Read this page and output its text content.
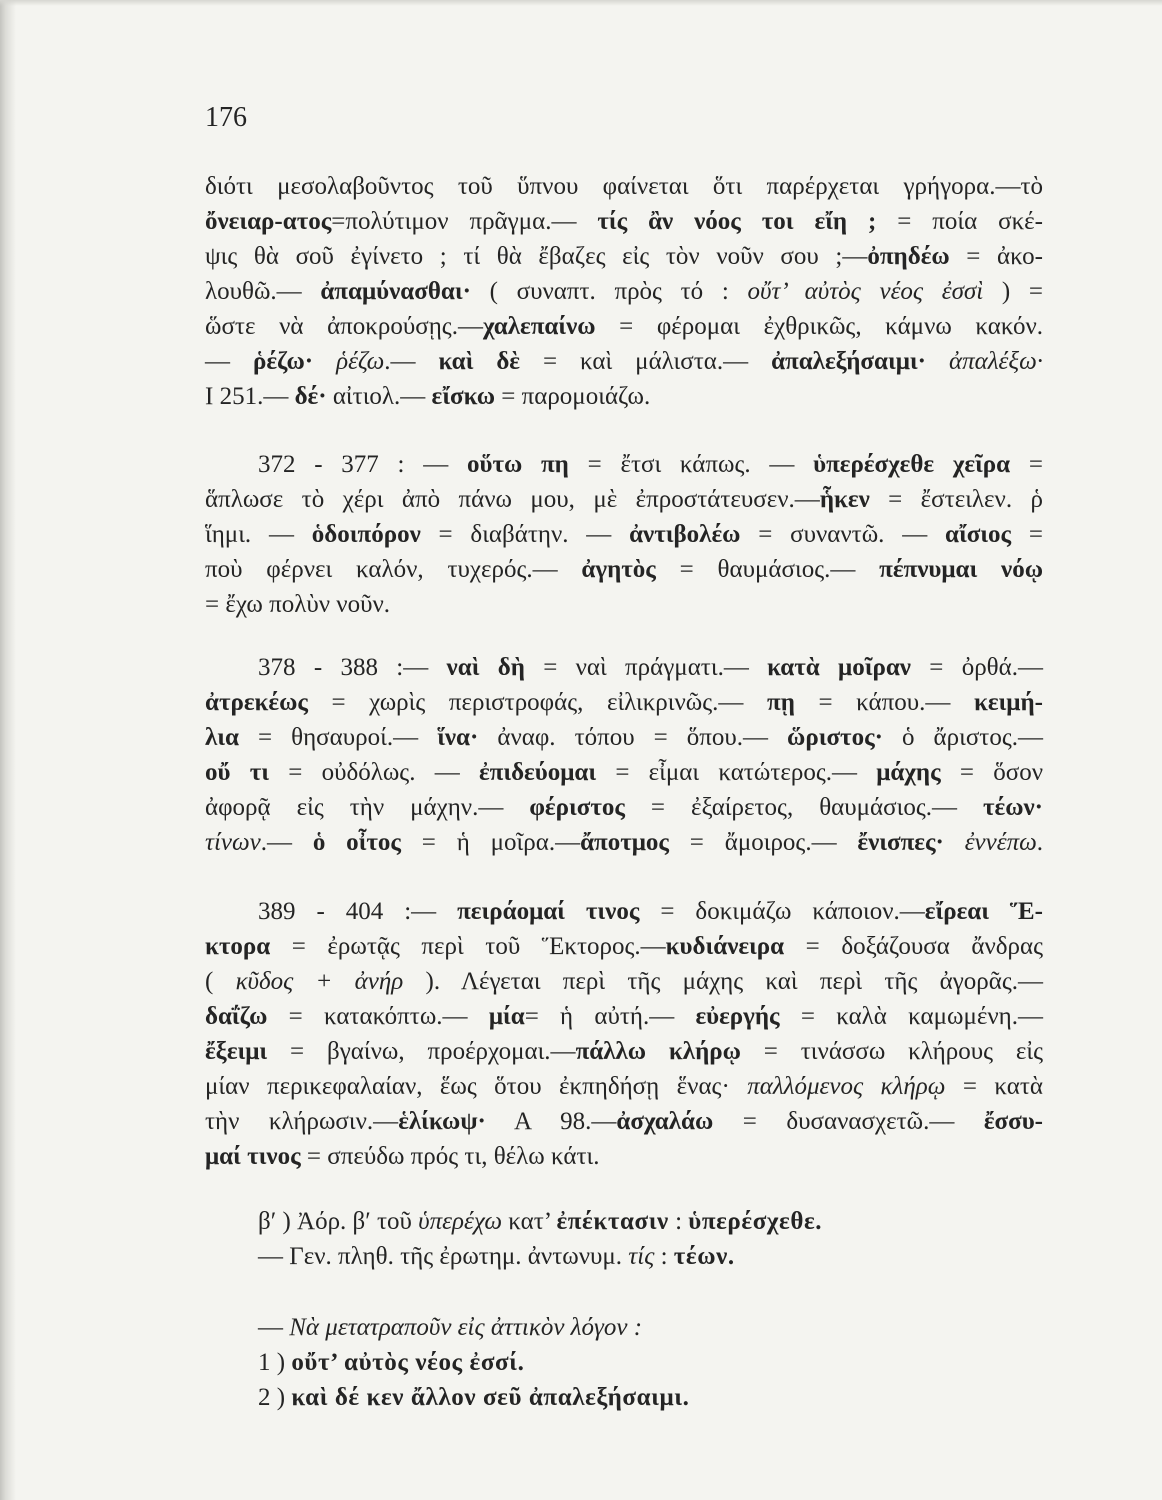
176
διότι μεσολαβοῦντος τοῦ ὕπνου φαίνεται ὅτι παρέρχεται γρήγορα.—τὸ
ὄνειαρ-ατος=πολύτιμον πρᾶγμα.— τίς ἂν νόος τοι εἴη ; = ποία σκέ-
ψις θὰ σοῦ ἐγίνετο ; τί θὰ ἔβαζες εἰς τὸν νοῦν σου ;—ὀπηδέω = ἀκο-
λουθῶ.— ἀπαμύνασθαι· ( συναπτ. πρὸς τό : οὔτ’ αὐτὸς νέος ἐσσὶ ) =
ὥστε νὰ ἀποκρούσῃς.—χαλεπαίνω = φέρομαι ἐχθρικῶς, κάμνω κακόν.
— ῥέζω· ῥέζω.— καὶ δὲ = καὶ μάλιστα.— ἀπαλεξήσαιμι· ἀπαλέξω·
Ι 251.— δέ· αἰτιολ.— εἴσκω = παρομοιάζω.
372 - 377 : — οὕτω πη = ἔτσι κάπως. — ὑπερέσχεθε χεῖρα =
ἅπλωσε τὸ χέρι ἀπὸ πάνω μου, μὲ ἐπροστάτευσεν.—ἧκεν = ἔστειλεν. ῥ
ἵημι. — ὁδοιπόρον = διαβάτην. — ἀντιβολέω = συναντῶ. — αἴσιος =
ποὺ φέρνει καλόν, τυχερός.— ἀγητὸς = θαυμάσιος.— πέπνυμαι νόῳ
= ἔχω πολὺν νοῦν.
378 - 388 :— ναὶ δὴ = ναὶ πράγματι.— κατὰ μοῖραν = ὀρθά.—
ἀτρεκέως = χωρὶς περιστροφάς, εἰλικρινῶς.— πῃ = κάπου.— κειμή-
λια = θησαυροί.— ἵνα· ἀναφ. τόπου = ὅπου.— ὥριστος· ὁ ἄριστος.—
οὔ τι = οὐδόλως. — ἐπιδεύομαι = εἶμαι κατώτερος.— μάχης = ὅσον
ἀφορᾷ εἰς τὴν μάχην.— φέριστος = ἐξαίρετος, θαυμάσιος.— τέων·
τίνων.— ὁ οἶτος = ἡ μοῖρα.—ἄποτμος = ἄμοιρος.— ἔνισπες· ἐννέπω.
389 - 404 :— πειράομαί τινος = δοκιμάζω κάποιον.—εἴρεαι Ἕ-
κτορα = ἐρωτᾷς περὶ τοῦ Ἕκτορος.—κυδιάνειρα = δοξάζουσα ἄνδρας
( κῦδος + ἀνήρ ). Λέγεται περὶ τῆς μάχης καὶ περὶ τῆς ἀγορᾶς.—
δαΐζω = κατακόπτω.— μία= ἡ αὐτή.— εὐεργής = καλὰ καμωμένη.—
ἔξειμι = βγαίνω, προέρχομαι.—πάλλω κλήρῳ = τινάσσω κλήρους εἰς
μίαν περικεφαλαίαν, ἕως ὅτου ἐκπηδήσῃ ἕνας· παλλόμενος κλήρῳ = κατὰ
τὴν κλήρωσιν.—ἑλίκωψ· Α 98.—ἀσχαλάω = δυσανασχετῶ.— ἔσσυ-
μαί τινος = σπεύδω πρός τι, θέλω κάτι.
β′ ) Ἀόρ. β′ τοῦ ὑπερέχω κατ’ ἐπέκτασιν : ὑπερέσχεθε.
— Γεν. πληθ. τῆς ἐρωτημ. ἀντωνυμ. τίς : τέων.
— Νὰ μετατραποῦν εἰς ἀττικὸν λόγον :
1 ) οὔτ’ αὐτὸς νέος ἐσσί.
2 ) καὶ δέ κεν ἄλλον σεῦ ἀπαλεξήσαιμι.
